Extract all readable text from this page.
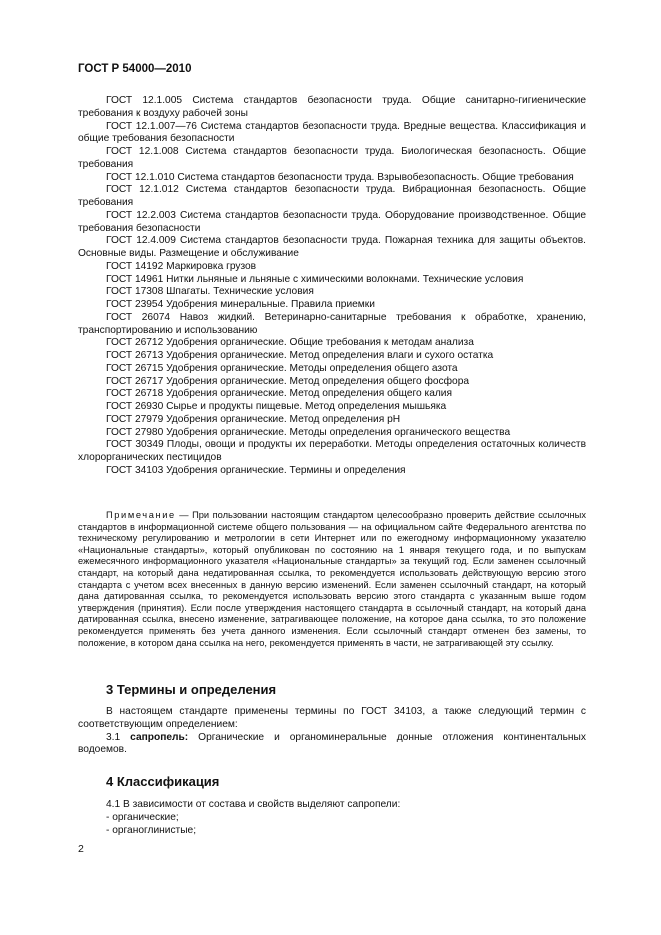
ГОСТ Р 54000—2010

ГОСТ 12.1.005 Система стандартов безопасности труда. Общие санитарно-гигиенические требования к воздуху рабочей зоны

ГОСТ 12.1.007—76 Система стандартов безопасности труда. Вредные вещества. Классификация и общие требования безопасности

ГОСТ 12.1.008 Система стандартов безопасности труда. Биологическая безопасность. Общие требования

ГОСТ 12.1.010 Система стандартов безопасности труда. Взрывобезопасность. Общие требования

ГОСТ 12.1.012 Система стандартов безопасности труда. Вибрационная безопасность. Общие требования

ГОСТ 12.2.003 Система стандартов безопасности труда. Оборудование производственное. Общие требования безопасности

ГОСТ 12.4.009 Система стандартов безопасности труда. Пожарная техника для защиты объектов. Основные виды. Размещение и обслуживание

ГОСТ 14192 Маркировка грузов

ГОСТ 14961 Нитки льняные и льняные с химическими волокнами. Технические условия

ГОСТ 17308 Шпагаты. Технические условия

ГОСТ 23954 Удобрения минеральные. Правила приемки

ГОСТ 26074 Навоз жидкий. Ветеринарно-санитарные требования к обработке, хранению, транспортированию и использованию

ГОСТ 26712 Удобрения органические. Общие требования к методам анализа

ГОСТ 26713 Удобрения органические. Метод определения влаги и сухого остатка

ГОСТ 26715 Удобрения органические. Методы определения общего азота

ГОСТ 26717 Удобрения органические. Метод определения общего фосфора

ГОСТ 26718 Удобрения органические. Метод определения общего калия

ГОСТ 26930 Сырье и продукты пищевые. Метод определения мышьяка

ГОСТ 27979 Удобрения органические. Метод определения pH

ГОСТ 27980 Удобрения органические. Методы определения органического вещества

ГОСТ 30349 Плоды, овощи и продукты их переработки. Методы определения остаточных количеств хлорорганических пестицидов

ГОСТ 34103 Удобрения органические. Термины и определения

Примечание — При пользовании настоящим стандартом целесообразно проверить действие ссылочных стандартов в информационной системе общего пользования — на официальном сайте Федерального агентства по техническому регулированию и метрологии в сети Интернет или по ежегодному информационному указателю «Национальные стандарты», который опубликован по состоянию на 1 января текущего года, и по выпускам ежемесячного информационного указателя «Национальные стандарты» за текущий год. Если заменен ссылочный стандарт, на который дана недатированная ссылка, то рекомендуется использовать действующую версию этого стандарта с учетом всех внесенных в данную версию изменений. Если заменен ссылочный стандарт, на который дана датированная ссылка, то рекомендуется использовать версию этого стандарта с указанным выше годом утверждения (принятия). Если после утверждения настоящего стандарта в ссылочный стандарт, на который дана датированная ссылка, внесено изменение, затрагивающее положение, на которое дана ссылка, то это положение рекомендуется применять без учета данного изменения. Если ссылочный стандарт отменен без замены, то положение, в котором дана ссылка на него, рекомендуется применять в части, не затрагивающей эту ссылку.

3 Термины и определения

В настоящем стандарте применены термины по ГОСТ 34103, а также следующий термин с соответствующим определением:

3.1 сапропель: Органические и органоминеральные донные отложения континентальных водоемов.

4 Классификация

4.1 В зависимости от состава и свойств выделяют сапропели:

- органические;

- органоглинистые;

2
